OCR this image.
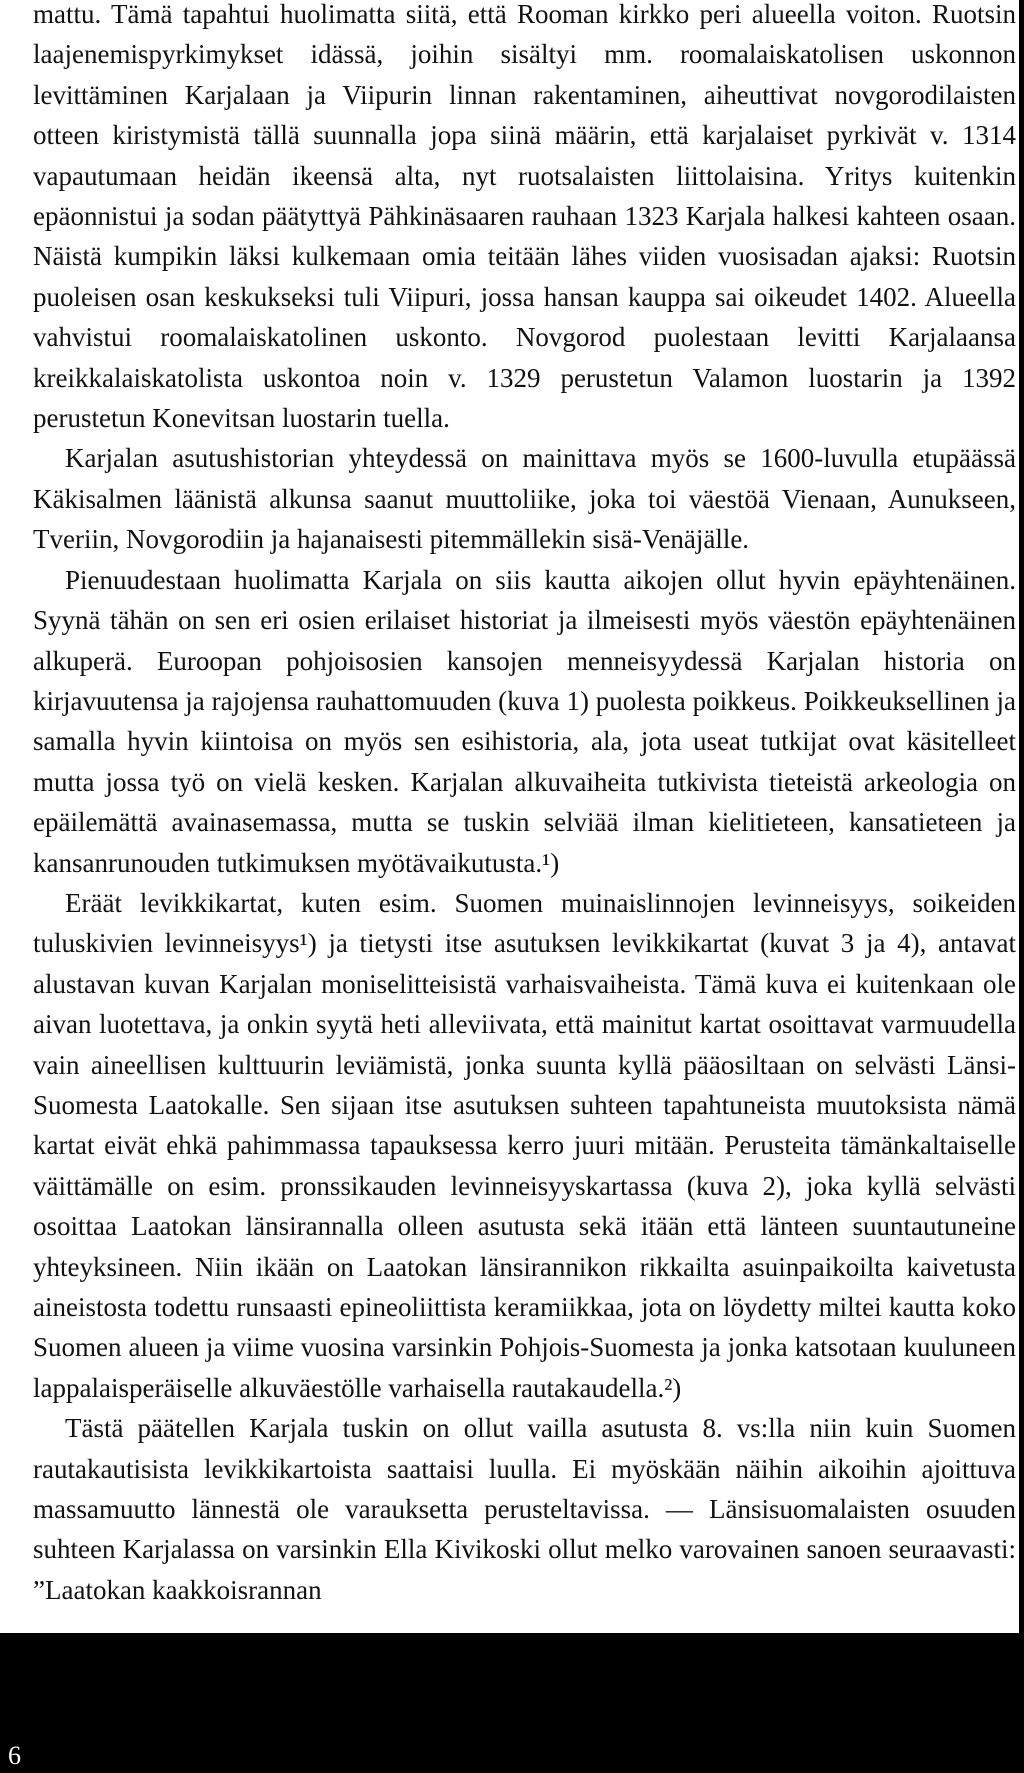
mattu. Tämä tapahtui huolimatta siitä, että Rooman kirkko peri alueella voiton. Ruotsin laajenemispyrkimykset idässä, joihin sisältyi mm. roomalaiskatolisen uskonnon levittäminen Karjalaan ja Viipurin linnan rakentaminen, aiheuttivat novgorodilaisten otteen kiristymistä tällä suunnalla jopa siinä määrin, että karjalaiset pyrkivät v. 1314 vapautumaan heidän ikeensä alta, nyt ruotsalaisten liittolaisina. Yritys kuitenkin epäonnistui ja sodan päätyttyä Pähkinäsaaren rauhaan 1323 Karjala halkesi kahteen osaan. Näistä kumpikin läksi kulkemaan omia teitään lähes viiden vuosisadan ajaksi: Ruotsin puoleisen osan keskukseksi tuli Viipuri, jossa hansan kauppa sai oikeudet 1402. Alueella vahvistui roomalaiskatolinen uskonto. Novgorod puolestaan levitti Karjalaansa kreikkalaiskatolista uskontoa noin v. 1329 perustetun Valamon luostarin ja 1392 perustetun Konevitsan luostarin tuella.

Karjalan asutushistorian yhteydessä on mainittava myös se 1600-luvulla etupäässä Käkisalmen läänistä alkunsa saanut muuttoliike, joka toi väestöä Vienaan, Aunukseen, Tveriin, Novgorodiin ja hajanaisesti pitemmällekin sisä-Venäjälle.

Pienuudestaan huolimatta Karjala on siis kautta aikojen ollut hyvin epäyhtenäinen. Syynä tähän on sen eri osien erilaiset historiat ja ilmeisesti myös väestön epäyhtenäinen alkuperä. Euroopan pohjoisosien kansojen menneisyydessä Karjalan historia on kirjavuutensa ja rajojensa rauhattomuuden (kuva 1) puolesta poikkeus. Poikkeuksellinen ja samalla hyvin kiintoisa on myös sen esihistoria, ala, jota useat tutkijat ovat käsitelleet mutta jossa työ on vielä kesken. Karjalan alkuvaiheita tutkivista tieteistä arkeologia on epäilemättä avainasemassa, mutta se tuskin selviää ilman kielitieteen, kansatieteen ja kansanrunouden tutkimuksen myötävaikutusta.¹)

Eräät levikkikartat, kuten esim. Suomen muinaislinnojen levinneisyys, soikeiden tuluskivien levinneisyys¹) ja tietysti itse asutuksen levikkikartat (kuvat 3 ja 4), antavat alustavan kuvan Karjalan moniselitteisistä varhaisvaiheista. Tämä kuva ei kuitenkaan ole aivan luotettava, ja onkin syytä heti alleviivata, että mainitut kartat osoittavat varmuudella vain aineellisen kulttuurin leviämistä, jonka suunta kyllä pääosiltaan on selvästi Länsi-Suomesta Laatokalle. Sen sijaan itse asutuksen suhteen tapahtuneista muutoksista nämä kartat eivät ehkä pahimmassa tapauksessa kerro juuri mitään. Perusteita tämänkaltaiselle väittämälle on esim. pronssikauden levinneisyyskartassa (kuva 2), joka kyllä selvästi osoittaa Laatokan länsirannalla olleen asutusta sekä itään että länteen suuntautuneine yhteyksineen. Niin ikään on Laatokan länsirannikon rikkailta asuinpaikoilta kaivetusta aineistosta todettu runsaasti epineoliittista keramiikkaa, jota on löydetty miltei kautta koko Suomen alueen ja viime vuosina varsinkin Pohjois-Suomesta ja jonka katsotaan kuuluneen lappalaisperäiselle alkuväestölle varhaisella rautakaudella.²)

Tästä päätellen Karjala tuskin on ollut vailla asutusta 8. vs:lla niin kuin Suomen rautakautisista levikkikartoista saattaisi luulla. Ei myöskään näihin aikoihin ajoittuva massamuutto lännestä ole varauksetta perusteltavissa. — Länsisuomalaisten osuuden suhteen Karjalassa on varsinkin Ella Kivikoski ollut melko varovainen sanoen seuraavasti: ”Laatokan kaakkoisrannan

6
